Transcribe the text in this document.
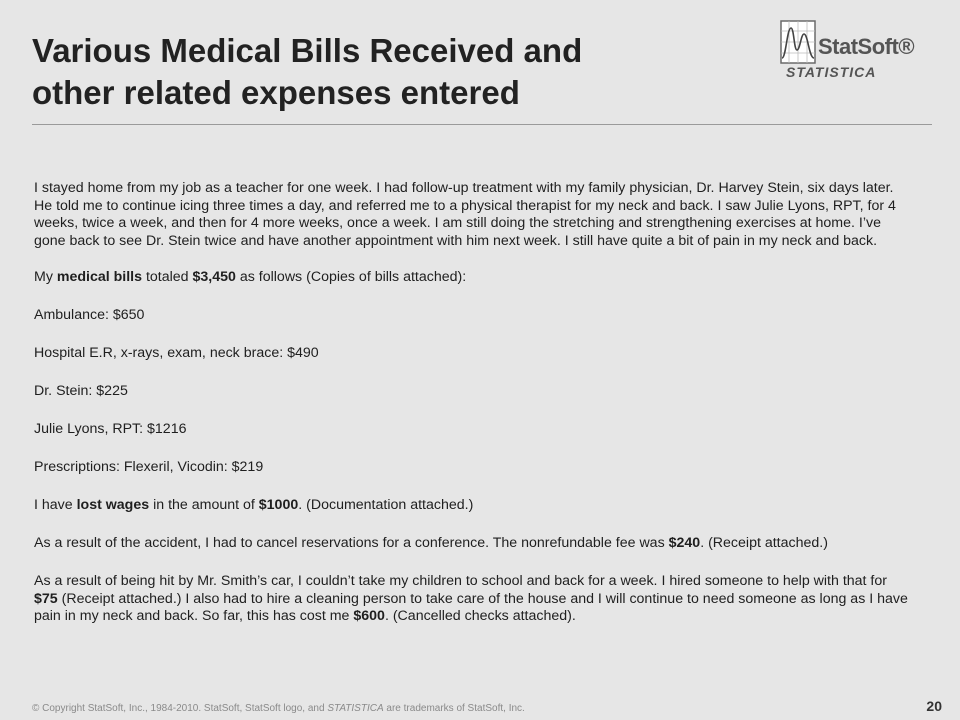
Various Medical Bills Received and
other related expenses entered
StatSoft®
STATISTICA

I stayed home from my job as a teacher for one week. I had follow-up treatment with my family physician, Dr. Harvey Stein, six days later. He told me to continue icing three times a day, and referred me to a physical therapist for my neck and back. I saw Julie Lyons, RPT, for 4 weeks, twice a week, and then for 4 more weeks, once a week. I am still doing the stretching and strengthening exercises at home. I’ve gone back to see Dr. Stein twice and have another appointment with him next week. I still have quite a bit of pain in my neck and back.

My medical bills totaled $3,450 as follows (Copies of bills attached):

Ambulance: $650

Hospital E.R, x-rays, exam, neck brace: $490

Dr. Stein: $225

Julie Lyons, RPT: $1216

Prescriptions: Flexeril, Vicodin: $219

I have lost wages in the amount of $1000. (Documentation attached.)

As a result of the accident, I had to cancel reservations for a conference. The nonrefundable fee was $240. (Receipt attached.)

As a result of being hit by Mr. Smith’s car, I couldn’t take my children to school and back for a week. I hired someone to help with that for $75 (Receipt attached.) I also had to hire a cleaning person to take care of the house and I will continue to need someone as long as I have pain in my neck and back. So far, this has cost me $600. (Cancelled checks attached).

© Copyright StatSoft, Inc., 1984-2010. StatSoft, StatSoft logo, and STATISTICA are trademarks of StatSoft, Inc.	20
